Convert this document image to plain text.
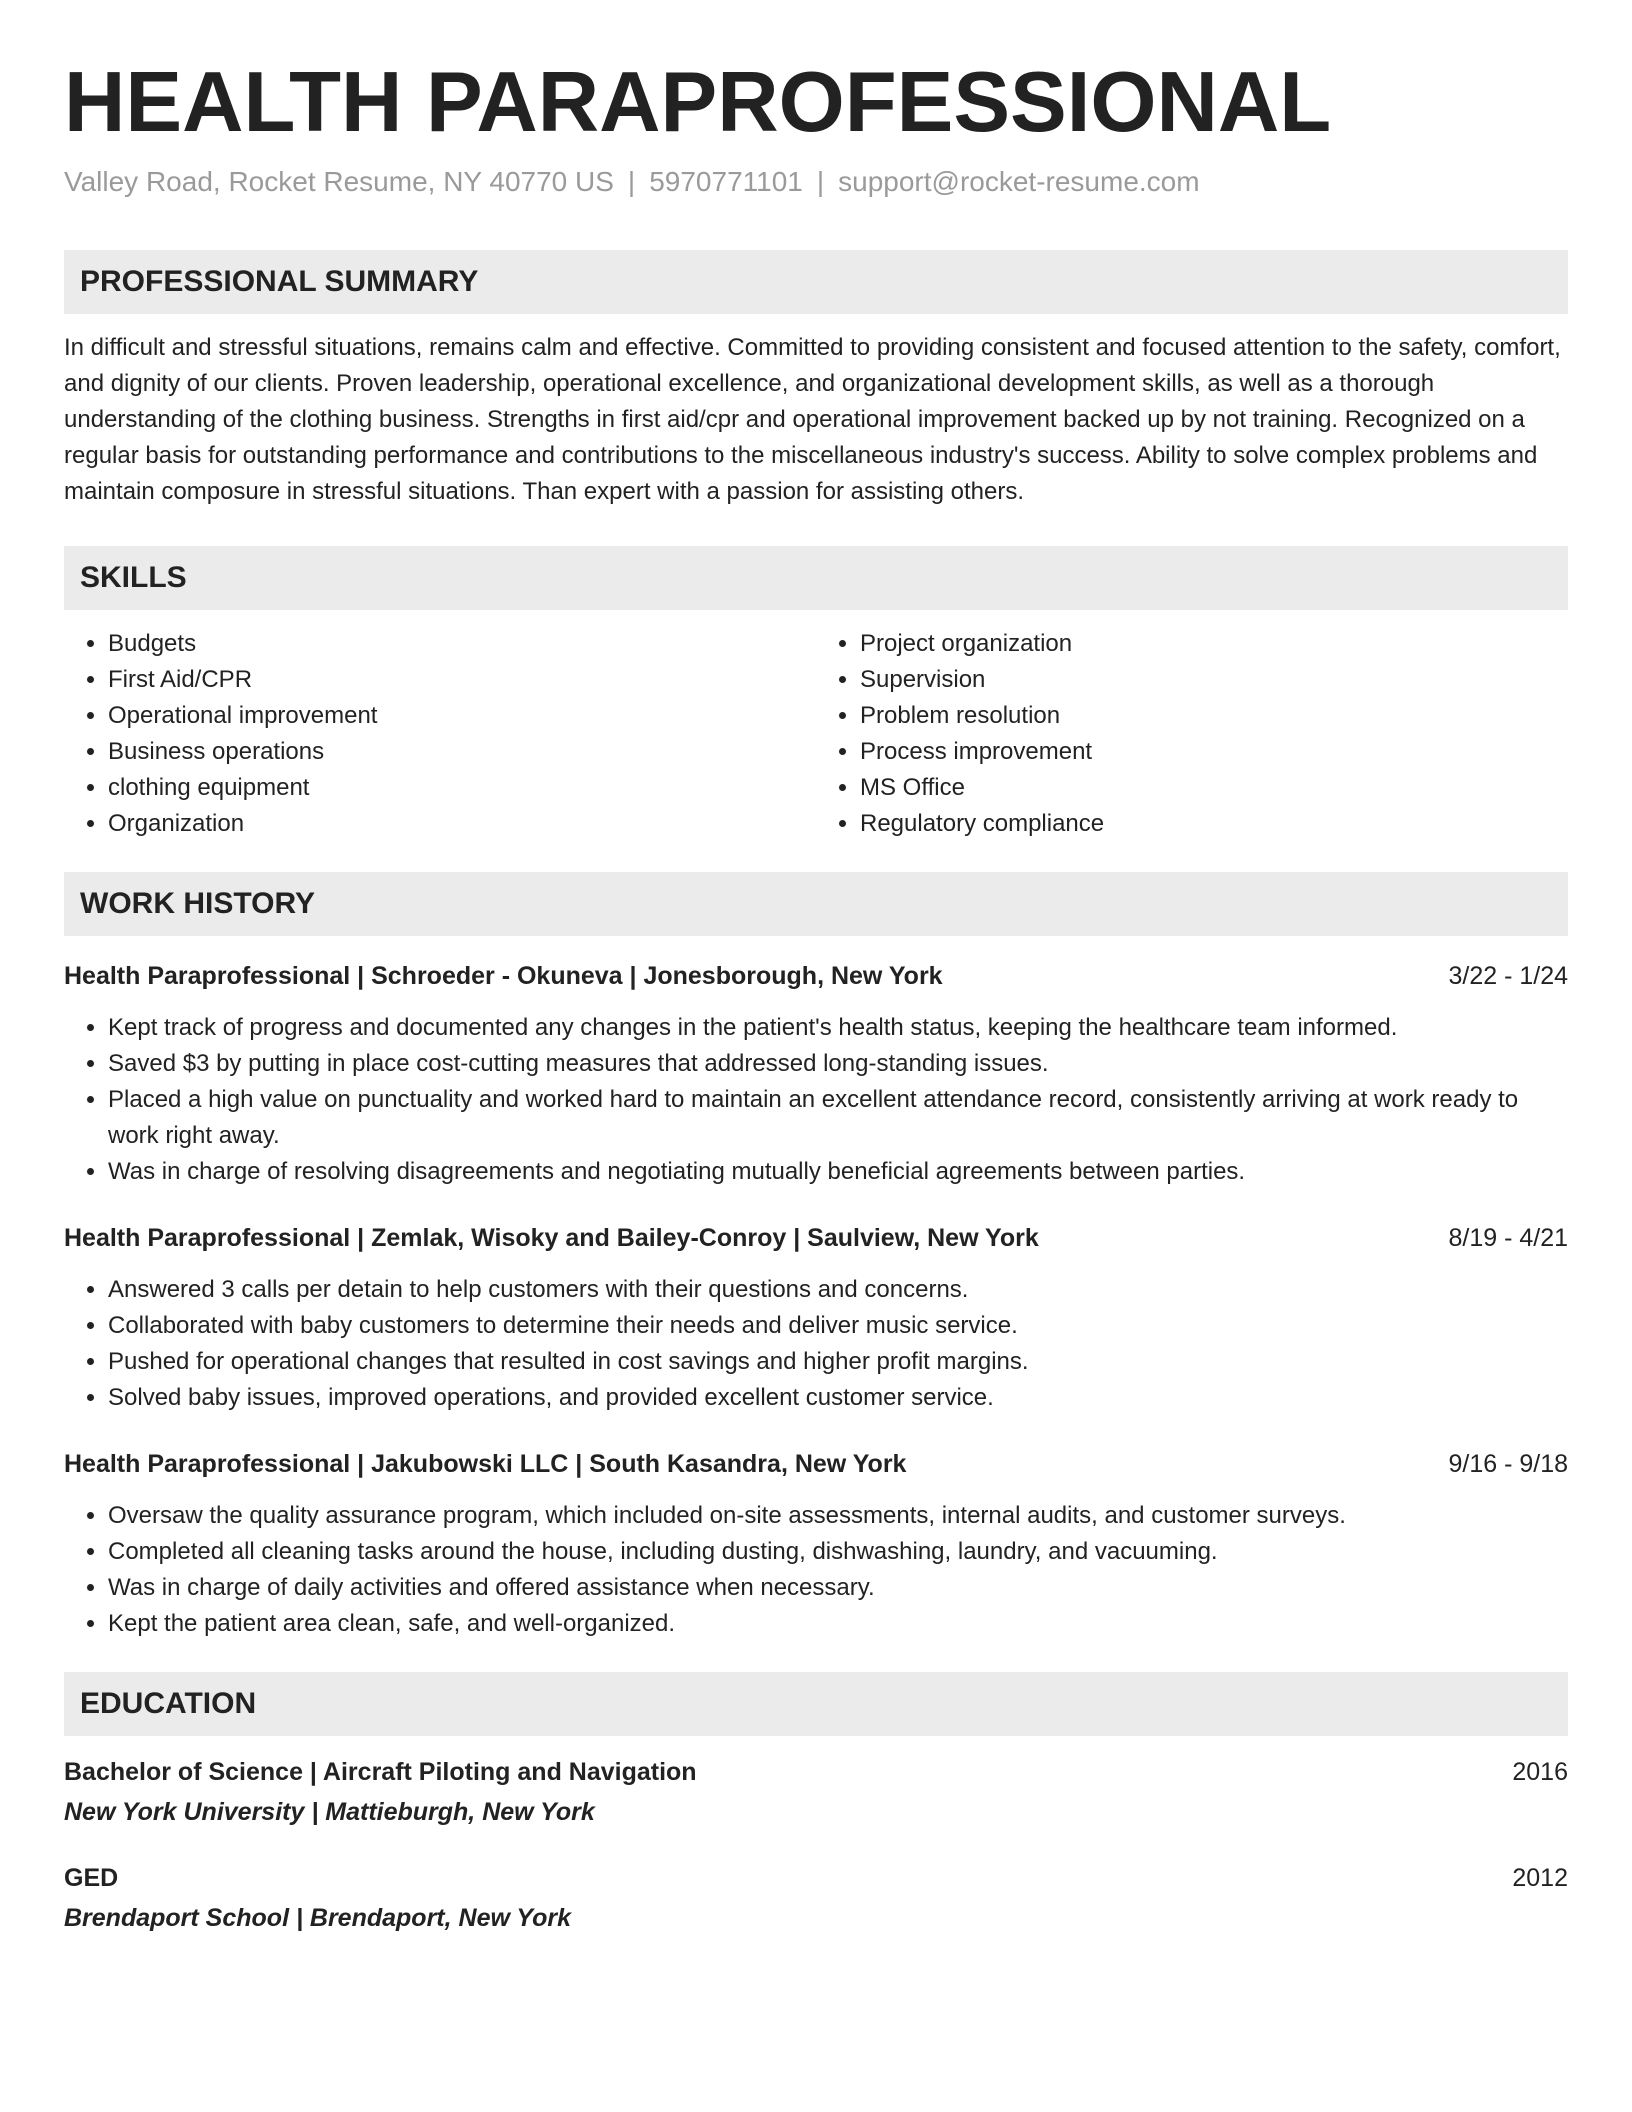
HEALTH PARAPROFESSIONAL
Valley Road, Rocket Resume, NY 40770 US | 5970771101 | support@rocket-resume.com
PROFESSIONAL SUMMARY
In difficult and stressful situations, remains calm and effective. Committed to providing consistent and focused attention to the safety, comfort, and dignity of our clients. Proven leadership, operational excellence, and organizational development skills, as well as a thorough understanding of the clothing business. Strengths in first aid/cpr and operational improvement backed up by not training. Recognized on a regular basis for outstanding performance and contributions to the miscellaneous industry's success. Ability to solve complex problems and maintain composure in stressful situations. Than expert with a passion for assisting others.
SKILLS
• Budgets
• First Aid/CPR
• Operational improvement
• Business operations
• clothing equipment
• Organization
• Project organization
• Supervision
• Problem resolution
• Process improvement
• MS Office
• Regulatory compliance
WORK HISTORY
Health Paraprofessional | Schroeder - Okuneva | Jonesborough, New York	3/22 - 1/24
• Kept track of progress and documented any changes in the patient's health status, keeping the healthcare team informed.
• Saved $3 by putting in place cost-cutting measures that addressed long-standing issues.
• Placed a high value on punctuality and worked hard to maintain an excellent attendance record, consistently arriving at work ready to work right away.
• Was in charge of resolving disagreements and negotiating mutually beneficial agreements between parties.
Health Paraprofessional | Zemlak, Wisoky and Bailey-Conroy | Saulview, New York	8/19 - 4/21
• Answered 3 calls per detain to help customers with their questions and concerns.
• Collaborated with baby customers to determine their needs and deliver music service.
• Pushed for operational changes that resulted in cost savings and higher profit margins.
• Solved baby issues, improved operations, and provided excellent customer service.
Health Paraprofessional | Jakubowski LLC | South Kasandra, New York	9/16 - 9/18
• Oversaw the quality assurance program, which included on-site assessments, internal audits, and customer surveys.
• Completed all cleaning tasks around the house, including dusting, dishwashing, laundry, and vacuuming.
• Was in charge of daily activities and offered assistance when necessary.
• Kept the patient area clean, safe, and well-organized.
EDUCATION
Bachelor of Science | Aircraft Piloting and Navigation	2016
New York University | Mattieburgh, New York
GED	2012
Brendaport School | Brendaport, New York
